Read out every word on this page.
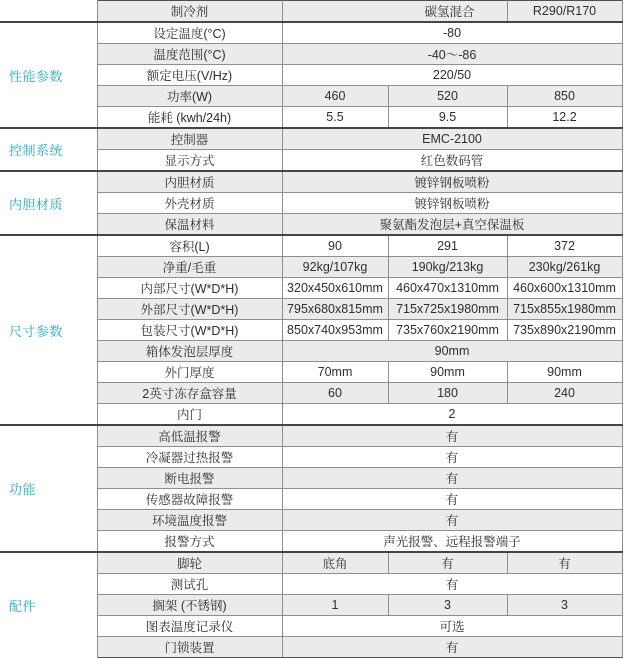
	制冷剂	碳氢混合		R290/R170
性能参数	设定温度(°C)	-80		
	温度范围(°C)	-40～-86		
	额定电压(V/Hz)	220/50		
	功率(W)	460	520	850
	能耗 (kwh/24h)	5.5	9.5	12.2
控制系统	控制器	EMC-2100		
	显示方式	红色数码管		
内胆材质	内胆材质	镀锌钢板喷粉		
	外壳材质	镀锌钢板喷粉		
	保温材料	聚氨酯发泡层+真空保温板		
尺寸参数	容积(L)	90	291	372
	净重/毛重	92kg/107kg	190kg/213kg	230kg/261kg
	内部尺寸(W*D*H)	320x450x610mm	460x470x1310mm	460x600x1310mm
	外部尺寸(W*D*H)	795x680x815mm	715x725x1980mm	715x855x1980mm
	包装尺寸(W*D*H)	850x740x953mm	735x760x2190mm	735x890x2190mm
	箱体发泡层厚度	90mm		
	外门厚度	70mm	90mm	90mm
	2英寸冻存盒容量	60	180	240
	内门	2		
功能	高低温报警	有		
	冷凝器过热报警	有		
	断电报警	有		
	传感器故障报警	有		
	环境温度报警	有		
	报警方式	声光报警、远程报警端子		
配件	脚轮	底角	有	有
	测试孔	有		
	搁架 (不锈钢)	1	3	3
	图表温度记录仪	可选		
	门锁装置	有		
